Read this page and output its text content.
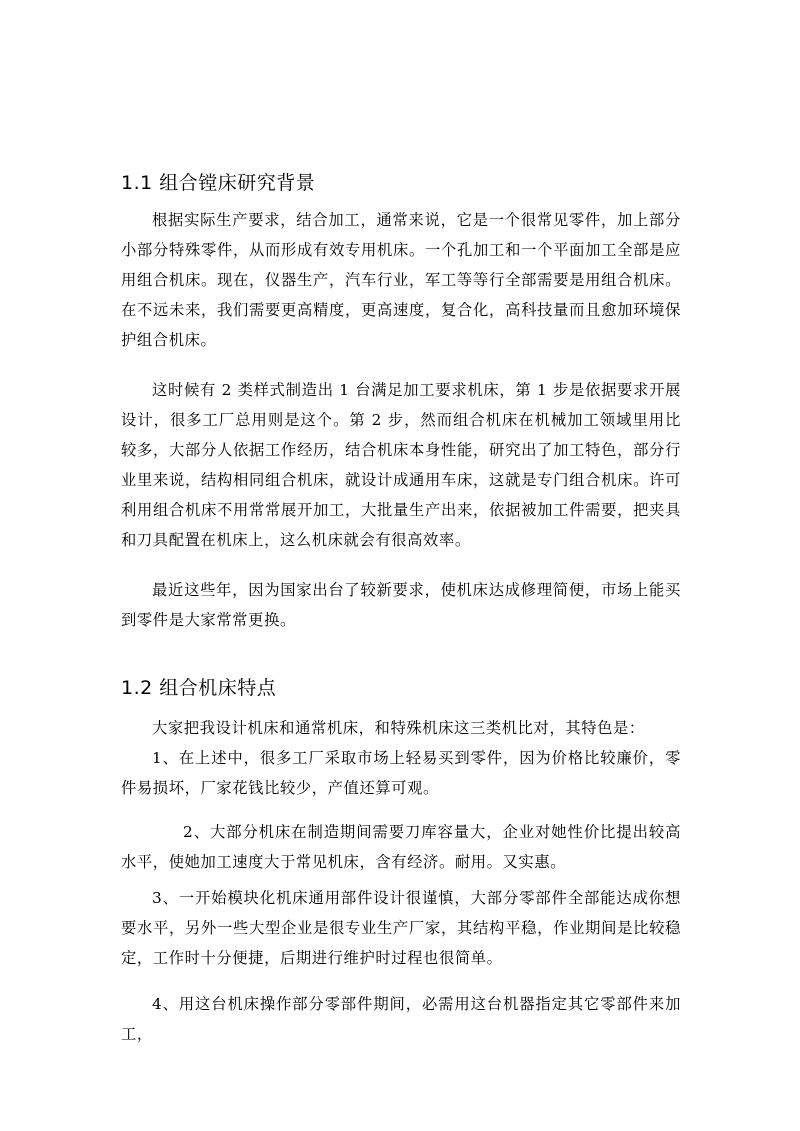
1.1 组合镗床研究背景

根据实际生产要求，结合加工，通常来说，它是一个很常见零件，加上部分小部分特殊零件，从而形成有效专用机床。一个孔加工和一个平面加工全部是应用组合机床。现在，仪器生产，汽车行业，军工等等行全部需要是用组合机床。在不远未来，我们需要更高精度，更高速度，复合化，高科技量而且愈加环境保护组合机床。

这时候有 2 类样式制造出 1 台满足加工要求机床，第 1 步是依据要求开展设计，很多工厂总用则是这个。第 2 步，然而组合机床在机械加工领域里用比较多，大部分人依据工作经历，结合机床本身性能，研究出了加工特色，部分行业里来说，结构相同组合机床，就设计成通用车床，这就是专门组合机床。许可利用组合机床不用常常展开加工，大批量生产出来，依据被加工件需要，把夹具和刀具配置在机床上，这么机床就会有很高效率。

最近这些年，因为国家出台了较新要求，使机床达成修理简便，市场上能买到零件是大家常常更换。

1.2 组合机床特点

大家把我设计机床和通常机床，和特殊机床这三类机比对，其特色是：

1、在上述中，很多工厂采取市场上轻易买到零件，因为价格比较廉价，零件易损坏，厂家花钱比较少，产值还算可观。

2、大部分机床在制造期间需要刀库容量大，企业对她性价比提出较高水平，使她加工速度大于常见机床，含有经济。耐用。又实惠。

3、一开始模块化机床通用部件设计很谨慎，大部分零部件全部能达成你想要水平，另外一些大型企业是很专业生产厂家，其结构平稳，作业期间是比较稳定，工作时十分便捷，后期进行维护时过程也很简单。

4、用这台机床操作部分零部件期间，必需用这台机器指定其它零部件来加工，
